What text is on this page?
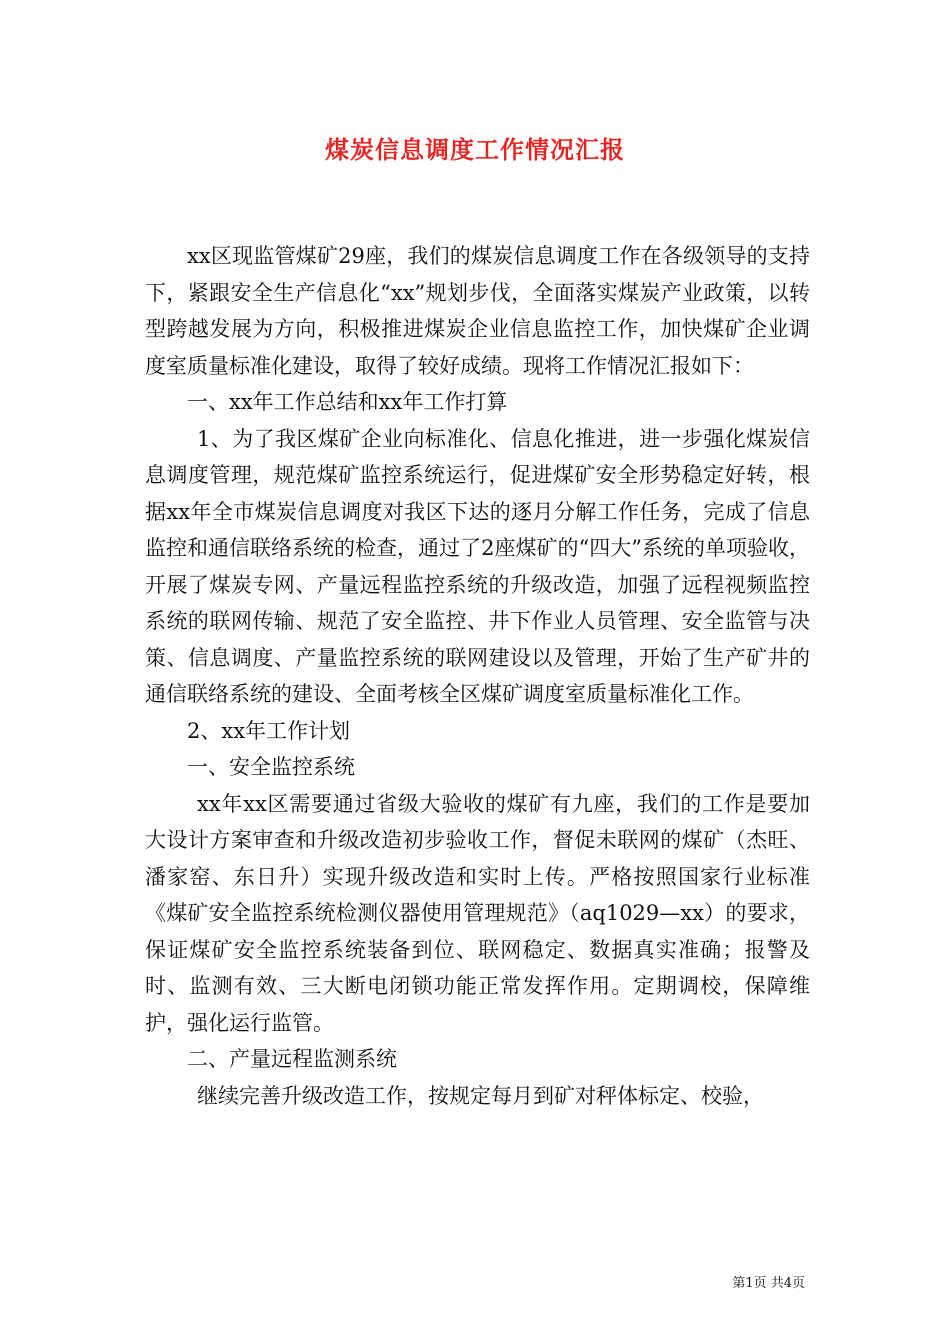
煤炭信息调度工作情况汇报

xx区现监管煤矿29座，我们的煤炭信息调度工作在各级领导的支持下，紧跟安全生产信息化“xx”规划步伐，全面落实煤炭产业政策，以转型跨越发展为方向，积极推进煤炭企业信息监控工作，加快煤矿企业调度室质量标准化建设，取得了较好成绩。现将工作情况汇报如下：

一、xx年工作总结和xx年工作打算

1、为了我区煤矿企业向标准化、信息化推进，进一步强化煤炭信息调度管理，规范煤矿监控系统运行，促进煤矿安全形势稳定好转，根据xx年全市煤炭信息调度对我区下达的逐月分解工作任务，完成了信息监控和通信联络系统的检查，通过了2座煤矿的“四大”系统的单项验收，开展了煤炭专网、产量远程监控系统的升级改造，加强了远程视频监控系统的联网传输、规范了安全监控、井下作业人员管理、安全监管与决策、信息调度、产量监控系统的联网建设以及管理，开始了生产矿井的通信联络系统的建设、全面考核全区煤矿调度室质量标准化工作。

2、xx年工作计划

一、安全监控系统

xx年xx区需要通过省级大验收的煤矿有九座，我们的工作是要加大设计方案审查和升级改造初步验收工作，督促未联网的煤矿（杰旺、潘家窑、东日升）实现升级改造和实时上传。严格按照国家行业标准《煤矿安全监控系统检测仪器使用管理规范》（aq1029—xx）的要求，保证煤矿安全监控系统装备到位、联网稳定、数据真实准确；报警及时、监测有效、三大断电闭锁功能正常发挥作用。定期调校，保障维护，强化运行监管。

二、产量远程监测系统

继续完善升级改造工作，按规定每月到矿对秤体标定、校验，

第1页 共4页
